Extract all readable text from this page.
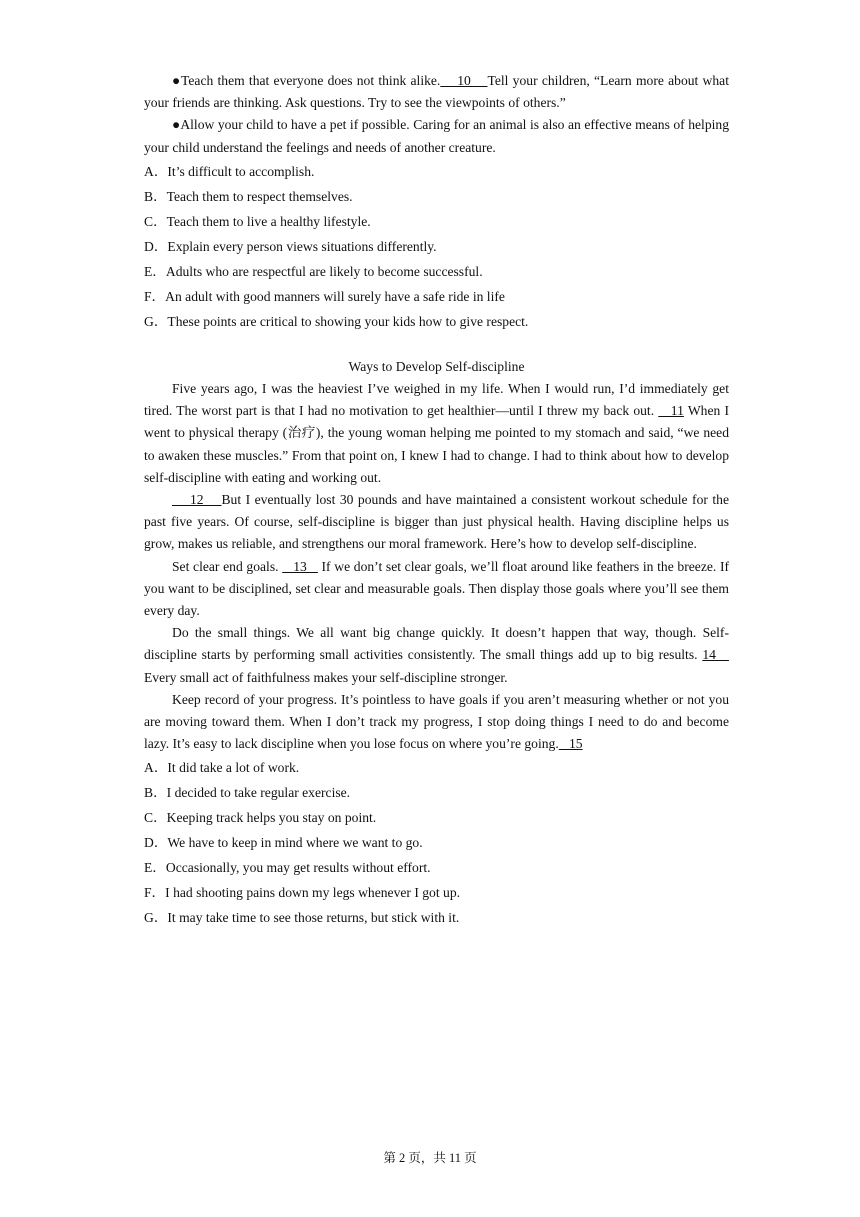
●Teach them that everyone does not think alike.    10    Tell your children, “Learn more about what your friends are thinking. Ask questions. Try to see the viewpoints of others.”

●Allow your child to have a pet if possible. Caring for an animal is also an effective means of helping your child understand the feelings and needs of another creature.

A．It’s difficult to accomplish.

B．Teach them to respect themselves.

C．Teach them to live a healthy lifestyle.

D．Explain every person views situations differently.

E．Adults who are respectful are likely to become successful.

F．An adult with good manners will surely have a safe ride in life

G．These points are critical to showing your kids how to give respect.

Ways to Develop Self-discipline

Five years ago, I was the heaviest I’ve weighed in my life. When I would run, I’d immediately get tired. The worst part is that I had no motivation to get healthier—until I threw my back out.    11 When I went to physical therapy (治疗), the young woman helping me pointed to my stomach and said, “we need to awaken these muscles.” From that point on, I knew I had to change. I had to think about how to develop self-discipline with eating and working out.

12    But I eventually lost 30 pounds and have maintained a consistent workout schedule for the past five years. Of course, self-discipline is bigger than just physical health. Having discipline helps us grow, makes us reliable, and strengthens our moral framework. Here’s how to develop self-discipline.

Set clear end goals.    13    If we don’t set clear goals, we’ll float around like feathers in the breeze. If you want to be disciplined, set clear and measurable goals. Then display those goals where you’ll see them every day.

Do the small things. We all want big change quickly. It doesn’t happen that way, though. Self-discipline starts by performing small activities consistently. The small things add up to big results. 14    Every small act of faithfulness makes your self-discipline stronger.

Keep record of your progress. It’s pointless to have goals if you aren’t measuring whether or not you are moving toward them. When I don’t track my progress, I stop doing things I need to do and become lazy. It’s easy to lack discipline when you lose focus on where you’re going.   15

A．It did take a lot of work.

B．I decided to take regular exercise.

C．Keeping track helps you stay on point.

D．We have to keep in mind where we want to go.

E．Occasionally, you may get results without effort.

F．I had shooting pains down my legs whenever I got up.

G．It may take time to see those returns, but stick with it.

第 2 页，共 11 页
